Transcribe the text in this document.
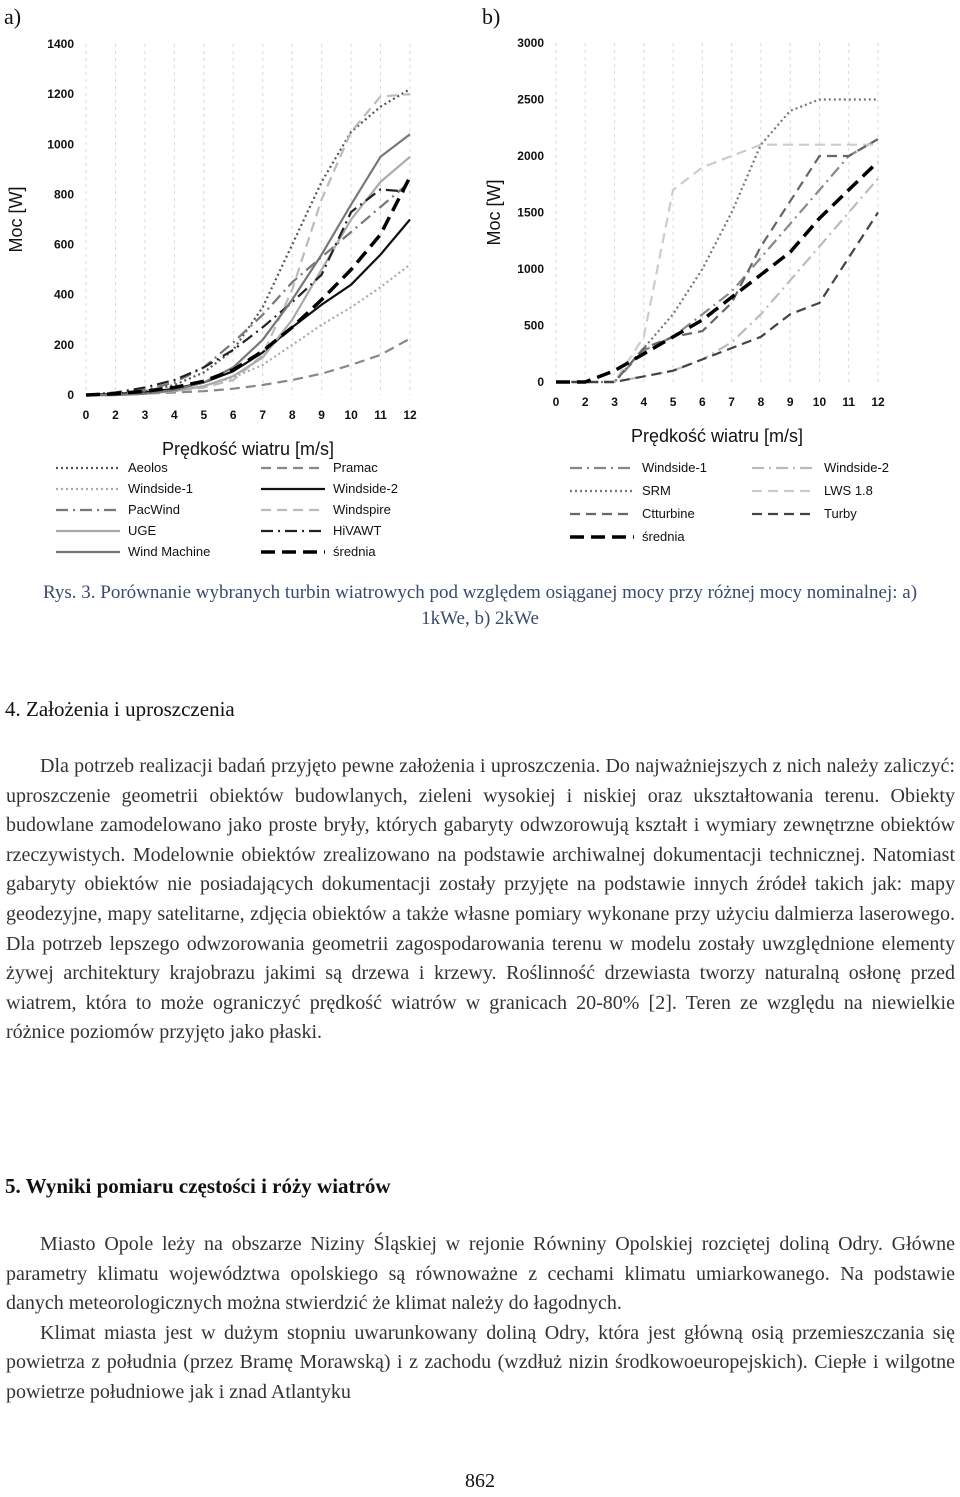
a)	b)
0
200
400
600
800
1000
1200
1400
0 2 3 4 5 6 7 8 9 10 11 12
Moc [W]
Prędkość wiatru [m/s]
Aeolos	Pramac
Windside-1	Windside-2
PacWind	Windspire
UGE	HiVAWT
Wind Machine	średnia
0
500
1000
1500
2000
2500
3000
0 2 3 4 5 6 7 8 9 10 11 12
Moc [W]
Prędkość wiatru [m/s]
Windside-1	Windside-2
SRM	LWS 1.8
Ctturbine	Turby
średnia
Rys. 3. Porównanie wybranych turbin wiatrowych pod względem osiąganej mocy przy różnej mocy nominalnej: a) 1kWe, b) 2kWe
4. Założenia i uproszczenia

Dla potrzeb realizacji badań przyjęto pewne założenia i uproszczenia. Do najważniejszych z nich należy zaliczyć: uproszczenie geometrii obiektów budowlanych, zieleni wysokiej i niskiej oraz ukształtowania terenu. Obiekty budowlane zamodelowano jako proste bryły, których gabaryty odwzorowują kształt i wymiary zewnętrzne obiektów rzeczywistych. Modelownie obiektów zrealizowano na podstawie archiwalnej dokumentacji technicznej. Natomiast gabaryty obiektów nie posiadających dokumentacji zostały przyjęte na podstawie innych źródeł takich jak: mapy geodezyjne, mapy satelitarne, zdjęcia obiektów a także własne pomiary wykonane przy użyciu dalmierza laserowego. Dla potrzeb lepszego odwzorowania geometrii zagospodarowania terenu w modelu zostały uwzględnione elementy żywej architektury krajobrazu jakimi są drzewa i krzewy. Roślinność drzewiasta tworzy naturalną osłonę przed wiatrem, która to może ograniczyć prędkość wiatrów w granicach 20-80% [2]. Teren ze względu na niewielkie różnice poziomów przyjęto jako płaski.

5. Wyniki pomiaru częstości i róży wiatrów

Miasto Opole leży na obszarze Niziny Śląskiej w rejonie Równiny Opolskiej rozciętej doliną Odry. Główne parametry klimatu województwa opolskiego są równoważne z cechami klimatu umiarkowanego. Na podstawie danych meteorologicznych można stwierdzić że klimat należy do łagodnych.

Klimat miasta jest w dużym stopniu uwarunkowany doliną Odry, która jest główną osią przemieszczania się powietrza z południa (przez Bramę Morawską) i z zachodu (wzdłuż nizin środkowoeuropejskich). Ciepłe i wilgotne powietrze południowe jak i znad Atlantyku

862
